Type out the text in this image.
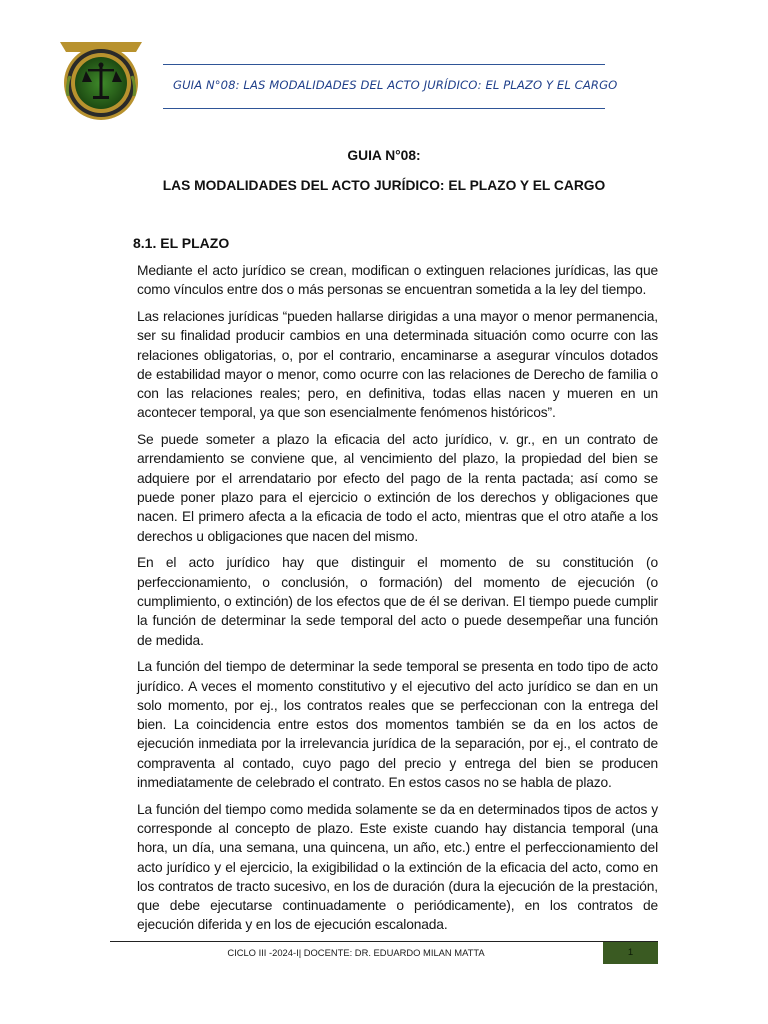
GUIA N°08: LAS MODALIDADES DEL ACTO JURÍDICO: EL PLAZO Y EL CARGO
GUIA N°08:
LAS MODALIDADES DEL ACTO JURÍDICO: EL PLAZO Y EL CARGO
8.1. EL PLAZO

Mediante el acto jurídico se crean, modifican o extinguen relaciones jurídicas, las que como vínculos entre dos o más personas se encuentran sometida a la ley del tiempo.

Las relaciones jurídicas “pueden hallarse dirigidas a una mayor o menor permanencia, ser su finalidad producir cambios en una determinada situación como ocurre con las relaciones obligatorias, o, por el contrario, encaminarse a asegurar vínculos dotados de estabilidad mayor o menor, como ocurre con las relaciones de Derecho de familia o con las relaciones reales; pero, en definitiva, todas ellas nacen y mueren en un acontecer temporal, ya que son esencialmente fenómenos históricos”.

Se puede someter a plazo la eficacia del acto jurídico, v. gr., en un contrato de arrendamiento se conviene que, al vencimiento del plazo, la propiedad del bien se adquiere por el arrendatario por efecto del pago de la renta pactada; así como se puede poner plazo para el ejercicio o extinción de los derechos y obligaciones que nacen. El primero afecta a la eficacia de todo el acto, mientras que el otro atañe a los derechos u obligaciones que nacen del mismo.

En el acto jurídico hay que distinguir el momento de su constitución (o perfeccionamiento, o conclusión, o formación) del momento de ejecución (o cumplimiento, o extinción) de los efectos que de él se derivan. El tiempo puede cumplir la función de determinar la sede temporal del acto o puede desempeñar una función de medida.

La función del tiempo de determinar la sede temporal se presenta en todo tipo de acto jurídico. A veces el momento constitutivo y el ejecutivo del acto jurídico se dan en un solo momento, por ej., los contratos reales que se perfeccionan con la entrega del bien. La coincidencia entre estos dos momentos también se da en los actos de ejecución inmediata por la irrelevancia jurídica de la separación, por ej., el contrato de compraventa al contado, cuyo pago del precio y entrega del bien se producen inmediatamente de celebrado el contrato. En estos casos no se habla de plazo.

La función del tiempo como medida solamente se da en determinados tipos de actos y corresponde al concepto de plazo. Este existe cuando hay distancia temporal (una hora, un día, una semana, una quincena, un año, etc.) entre el perfeccionamiento del acto jurídico y el ejercicio, la exigibilidad o la extinción de la eficacia del acto, como en los contratos de tracto sucesivo, en los de duración (dura la ejecución de la prestación, que debe ejecutarse continuadamente o periódicamente), en los contratos de ejecución diferida y en los de ejecución escalonada.

CICLO III -2024-I| DOCENTE: DR. EDUARDO MILAN MATTA	1
